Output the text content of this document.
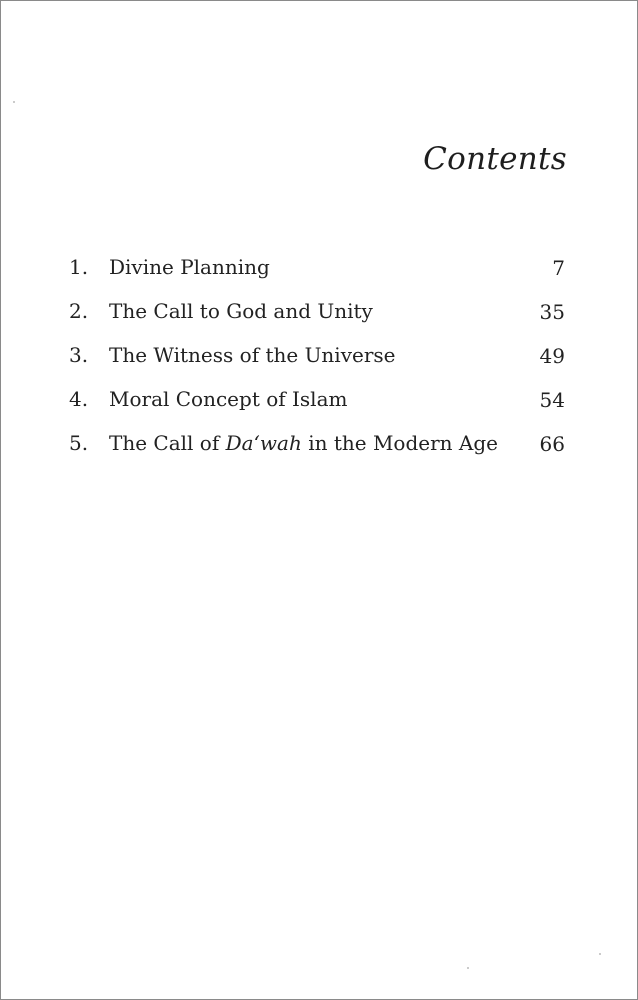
Contents
1.	Divine Planning	7
2.	The Call to God and Unity	35
3.	The Witness of the Universe	49
4.	Moral Concept of Islam	54
5.	The Call of Da‘wah in the Modern Age 66
